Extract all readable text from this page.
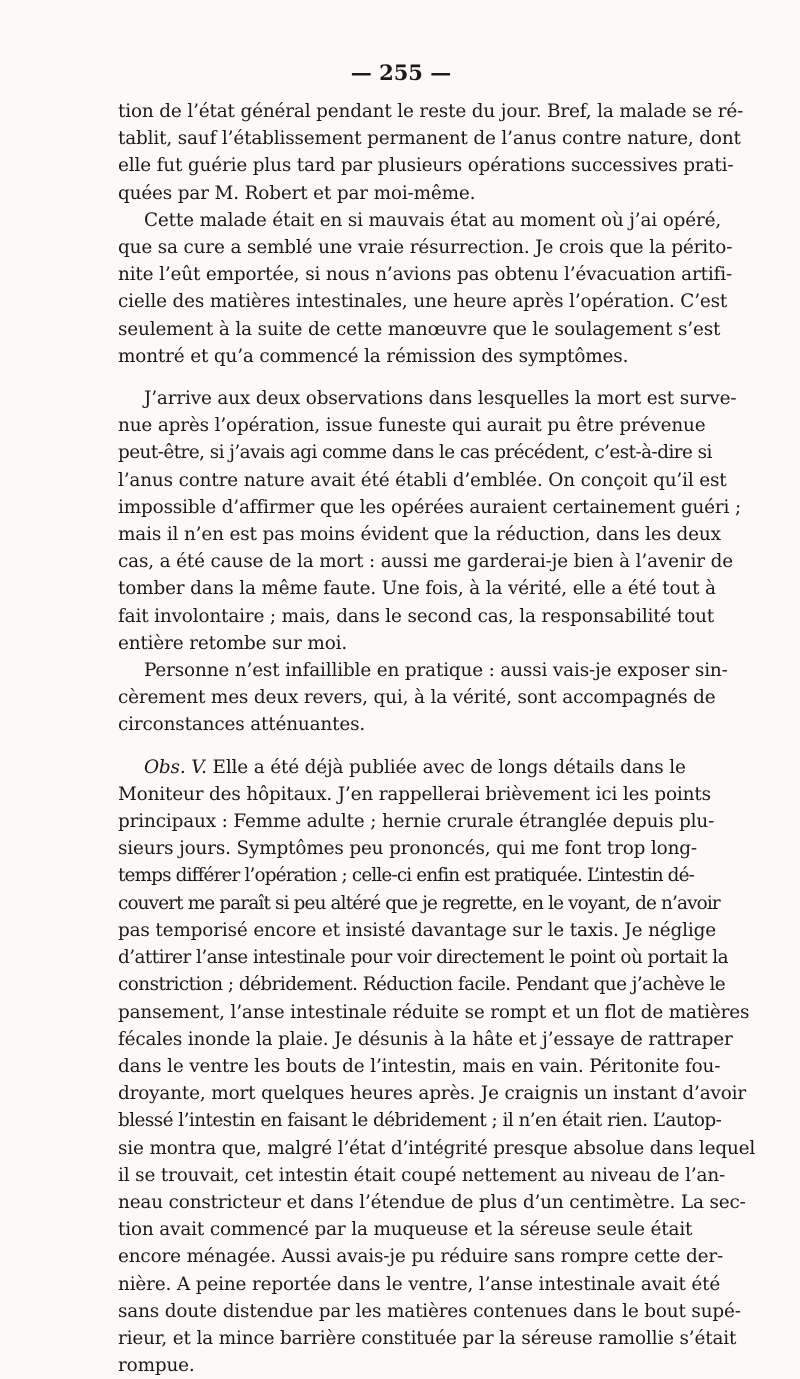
— 255 —

tion de l’état général pendant le reste du jour. Bref, la malade se ré-
tablit, sauf l’établissement permanent de l’anus contre nature, dont
elle fut guérie plus tard par plusieurs opérations successives prati-
quées par M. Robert et par moi-même.

Cette malade était en si mauvais état au moment où j’ai opéré,
que sa cure a semblé une vraie résurrection. Je crois que la périto-
nite l’eût emportée, si nous n’avions pas obtenu l’évacuation artifi-
cielle des matières intestinales, une heure après l’opération. C’est
seulement à la suite de cette manœuvre que le soulagement s’est
montré et qu’a commencé la rémission des symptômes.

J’arrive aux deux observations dans lesquelles la mort est surve-
nue après l’opération, issue funeste qui aurait pu être prévenue
peut-être, si j’avais agi comme dans le cas précédent, c’est-à-dire si
l’anus contre nature avait été établi d’emblée. On conçoit qu’il est
impossible d’affirmer que les opérées auraient certainement guéri ;
mais il n’en est pas moins évident que la réduction, dans les deux
cas, a été cause de la mort : aussi me garderai-je bien à l’avenir de
tomber dans la même faute. Une fois, à la vérité, elle a été tout à
fait involontaire ; mais, dans le second cas, la responsabilité tout
entière retombe sur moi.

Personne n’est infaillible en pratique : aussi vais-je exposer sin-
cèrement mes deux revers, qui, à la vérité, sont accompagnés de
circonstances atténuantes.

Obs. V. Elle a été déjà publiée avec de longs détails dans le
Moniteur des hôpitaux. J’en rappellerai brièvement ici les points
principaux : Femme adulte ; hernie crurale étranglée depuis plu-
sieurs jours. Symptômes peu prononcés, qui me font trop long-
temps différer l’opération ; celle-ci enfin est pratiquée. L’intestin dé-
couvert me paraît si peu altéré que je regrette, en le voyant, de n’avoir
pas temporisé encore et insisté davantage sur le taxis. Je néglige
d’attirer l’anse intestinale pour voir directement le point où portait la
constriction ; débridement. Réduction facile. Pendant que j’achève le
pansement, l’anse intestinale réduite se rompt et un flot de matières
fécales inonde la plaie. Je désunis à la hâte et j’essaye de rattraper
dans le ventre les bouts de l’intestin, mais en vain. Péritonite fou-
droyante, mort quelques heures après. Je craignis un instant d’avoir
blessé l’intestin en faisant le débridement ; il n’en était rien. L’autop-
sie montra que, malgré l’état d’intégrité presque absolue dans lequel
il se trouvait, cet intestin était coupé nettement au niveau de l’an-
neau constricteur et dans l’étendue de plus d’un centimètre. La sec-
tion avait commencé par la muqueuse et la séreuse seule était
encore ménagée. Aussi avais-je pu réduire sans rompre cette der-
nière. A peine reportée dans le ventre, l’anse intestinale avait été
sans doute distendue par les matières contenues dans le bout supé-
rieur, et la mince barrière constituée par la séreuse ramollie s’était
rompue.
